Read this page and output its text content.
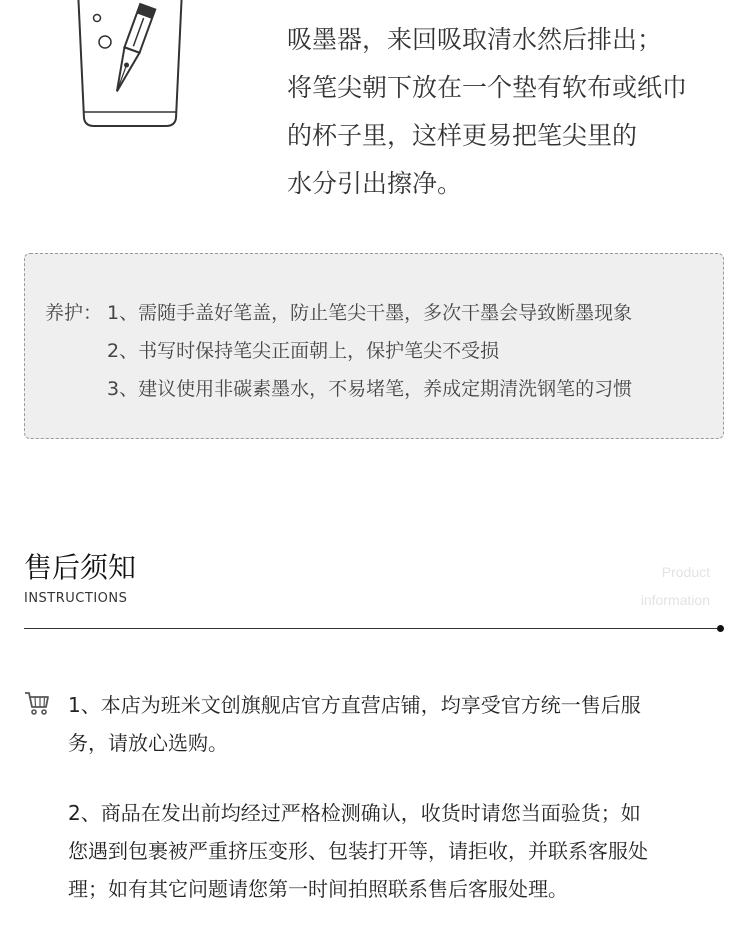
吸墨器，来回吸取清水然后排出；
将笔尖朝下放在一个垫有软布或纸巾
的杯子里，这样更易把笔尖里的
水分引出擦净。
养护： 1、需随手盖好笔盖，防止笔尖干墨，多次干墨会导致断墨现象
2、书写时保持笔尖正面朝上，保护笔尖不受损
3、建议使用非碳素墨水，不易堵笔，养成定期清洗钢笔的习惯
售后须知
INSTRUCTIONS
Product
information

1、本店为班米文创旗舰店官方直营店铺，均享受官方统一售后服

务，请放心选购。

2、商品在发出前均经过严格检测确认，收货时请您当面验货；如

您遇到包裹被严重挤压变形、包装打开等，请拒收，并联系客服处

理；如有其它问题请您第一时间拍照联系售后客服处理。
